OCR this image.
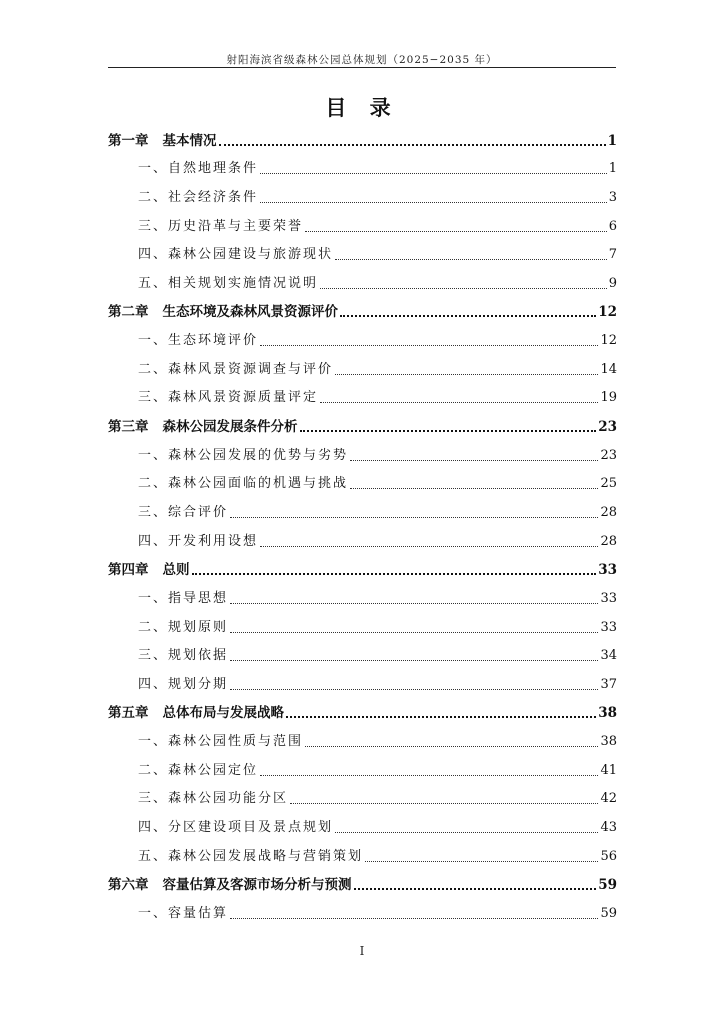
射阳海滨省级森林公园总体规划（2025−2035 年）
目 录
第一章 基本情况	1
一、自然地理条件	1
二、社会经济条件	3
三、历史沿革与主要荣誉	6
四、森林公园建设与旅游现状	7
五、相关规划实施情况说明	9
第二章 生态环境及森林风景资源评价	12
一、生态环境评价	12
二、森林风景资源调查与评价	14
三、森林风景资源质量评定	19
第三章 森林公园发展条件分析	23
一、森林公园发展的优势与劣势	23
二、森林公园面临的机遇与挑战	25
三、综合评价	28
四、开发利用设想	28
第四章 总则	33
一、指导思想	33
二、规划原则	33
三、规划依据	34
四、规划分期	37
第五章 总体布局与发展战略	38
一、森林公园性质与范围	38
二、森林公园定位	41
三、森林公园功能分区	42
四、分区建设项目及景点规划	43
五、森林公园发展战略与营销策划	56
第六章 容量估算及客源市场分析与预测	59
一、容量估算	59
I
